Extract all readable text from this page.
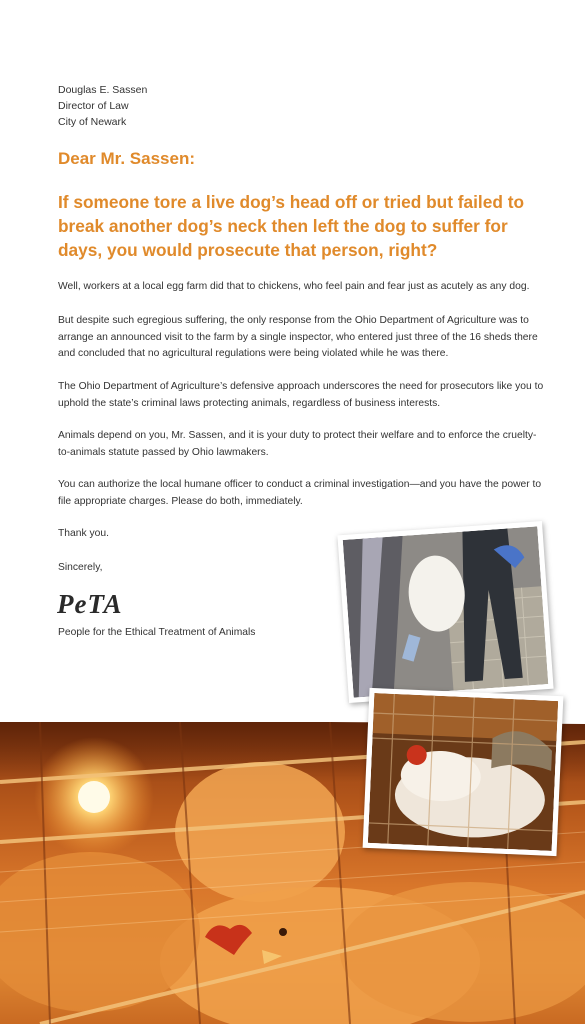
Douglas E. Sassen
Director of Law
City of Newark
Dear Mr. Sassen:
If someone tore a live dog’s head off or tried but failed to break another dog’s neck then left the dog to suffer for days, you would prosecute that person, right?
Well, workers at a local egg farm did that to chickens, who feel pain and fear just as acutely as any dog.
But despite such egregious suffering, the only response from the Ohio Department of Agriculture was to arrange an announced visit to the farm by a single inspector, who entered just three of the 16 sheds there and concluded that no agricultural regulations were being violated while he was there.
The Ohio Department of Agriculture’s defensive approach underscores the need for prosecutors like you to uphold the state’s criminal laws protecting animals, regardless of business interests.
Animals depend on you, Mr. Sassen, and it is your duty to protect their welfare and to enforce the cruelty-to-animals statute passed by Ohio lawmakers.
You can authorize the local humane officer to conduct a criminal investigation—and you have the power to file appropriate charges. Please do both, immediately.
Thank you.
Sincerely,
PeTA
People for the Ethical Treatment of Animals
